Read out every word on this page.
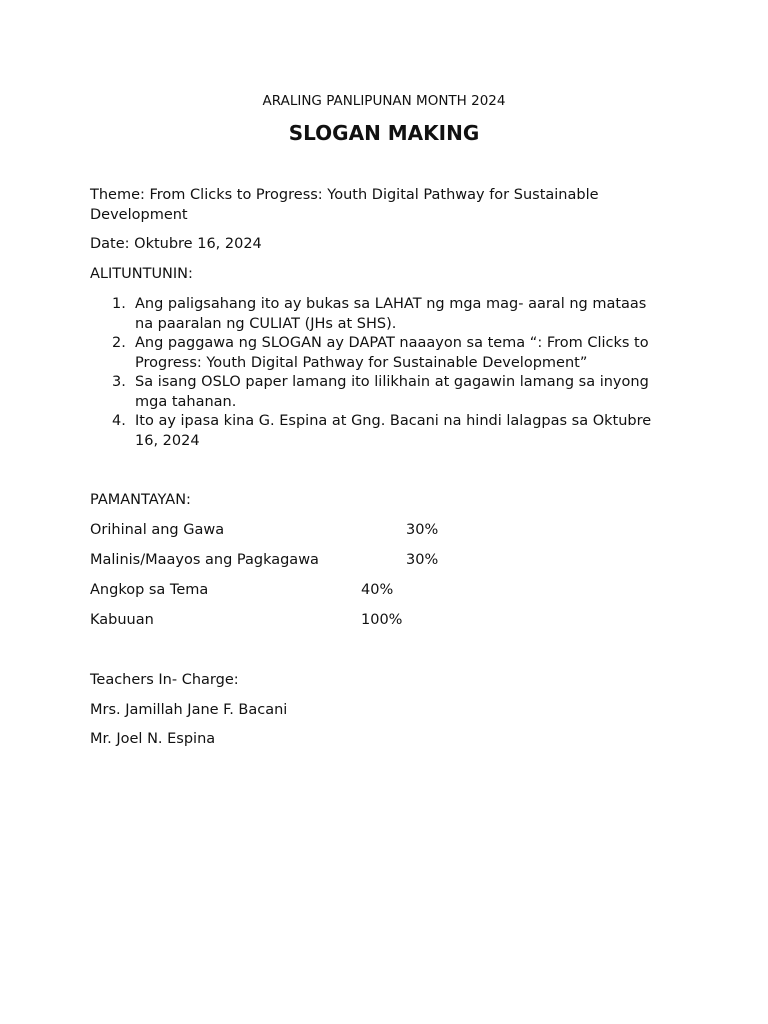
ARALING PANLIPUNAN MONTH 2024
SLOGAN MAKING
Theme: From Clicks to Progress: Youth Digital Pathway for Sustainable Development
Date: Oktubre 16, 2024
ALITUNTUNIN:
1. Ang paligsahang ito ay bukas sa LAHAT ng mga mag- aaral ng mataas
na paaralan ng CULIAT (JHs at SHS).
2. Ang paggawa ng SLOGAN ay DAPAT naaayon sa tema “: From Clicks to
Progress: Youth Digital Pathway for Sustainable Development”
3. Sa isang OSLO paper lamang ito lilikhain at gagawin lamang sa inyong
mga tahanan.
4. Ito ay ipasa kina G. Espina at Gng. Bacani na hindi lalagpas sa Oktubre
16, 2024
PAMANTAYAN:
Orihinal ang Gawa	30%
Malinis/Maayos ang Pagkagawa	30%
Angkop sa Tema	40%
Kabuuan	100%
Teachers In- Charge:
Mrs. Jamillah Jane F. Bacani
Mr. Joel N. Espina
